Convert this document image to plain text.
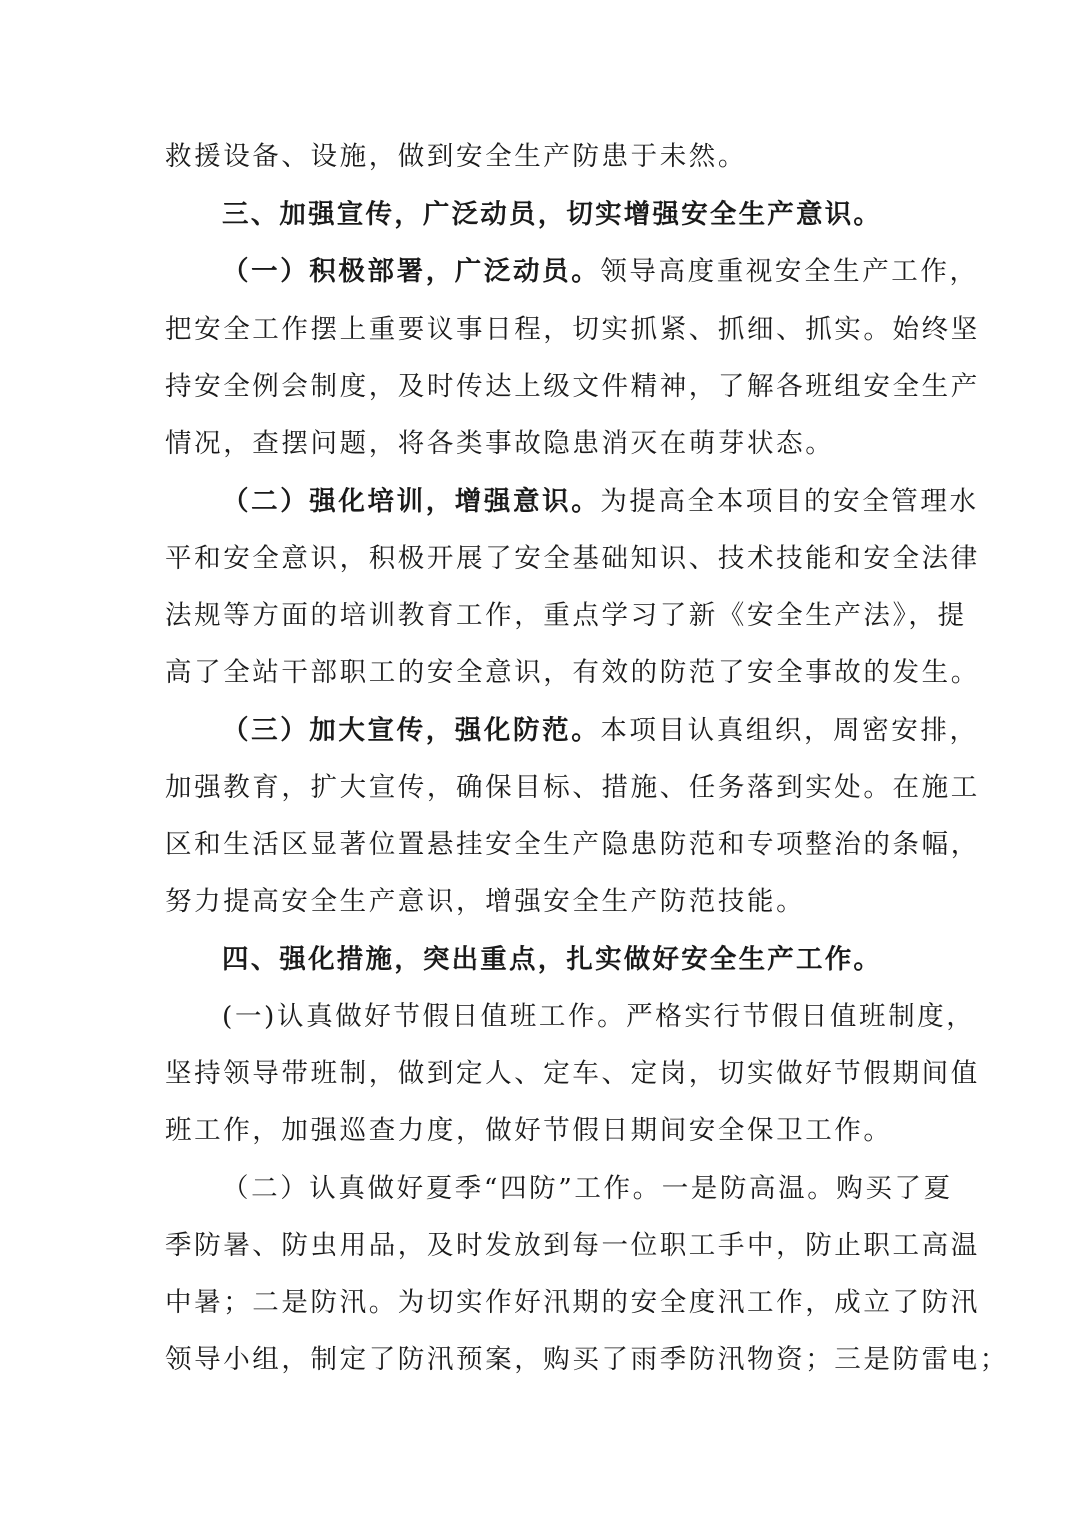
救援设备、设施，做到安全生产防患于未然。
三、加强宣传，广泛动员，切实增强安全生产意识。
（一）积极部署，广泛动员。领导高度重视安全生产工作，
把安全工作摆上重要议事日程，切实抓紧、抓细、抓实。始终坚
持安全例会制度，及时传达上级文件精神，了解各班组安全生产
情况，查摆问题，将各类事故隐患消灭在萌芽状态。
（二）强化培训，增强意识。为提高全本项目的安全管理水
平和安全意识，积极开展了安全基础知识、技术技能和安全法律
法规等方面的培训教育工作，重点学习了新《安全生产法》，提
高了全站干部职工的安全意识，有效的防范了安全事故的发生。
（三）加大宣传，强化防范。本项目认真组织，周密安排，
加强教育，扩大宣传，确保目标、措施、任务落到实处。在施工
区和生活区显著位置悬挂安全生产隐患防范和专项整治的条幅，
努力提高安全生产意识，增强安全生产防范技能。
四、强化措施，突出重点，扎实做好安全生产工作。
(一)认真做好节假日值班工作。严格实行节假日值班制度，
坚持领导带班制，做到定人、定车、定岗，切实做好节假期间值
班工作，加强巡查力度，做好节假日期间安全保卫工作。
（二）认真做好夏季“四防”工作。一是防高温。购买了夏
季防暑、防虫用品，及时发放到每一位职工手中，防止职工高温
中暑；二是防汛。为切实作好汛期的安全度汛工作，成立了防汛
领导小组，制定了防汛预案，购买了雨季防汛物资；三是防雷电；
